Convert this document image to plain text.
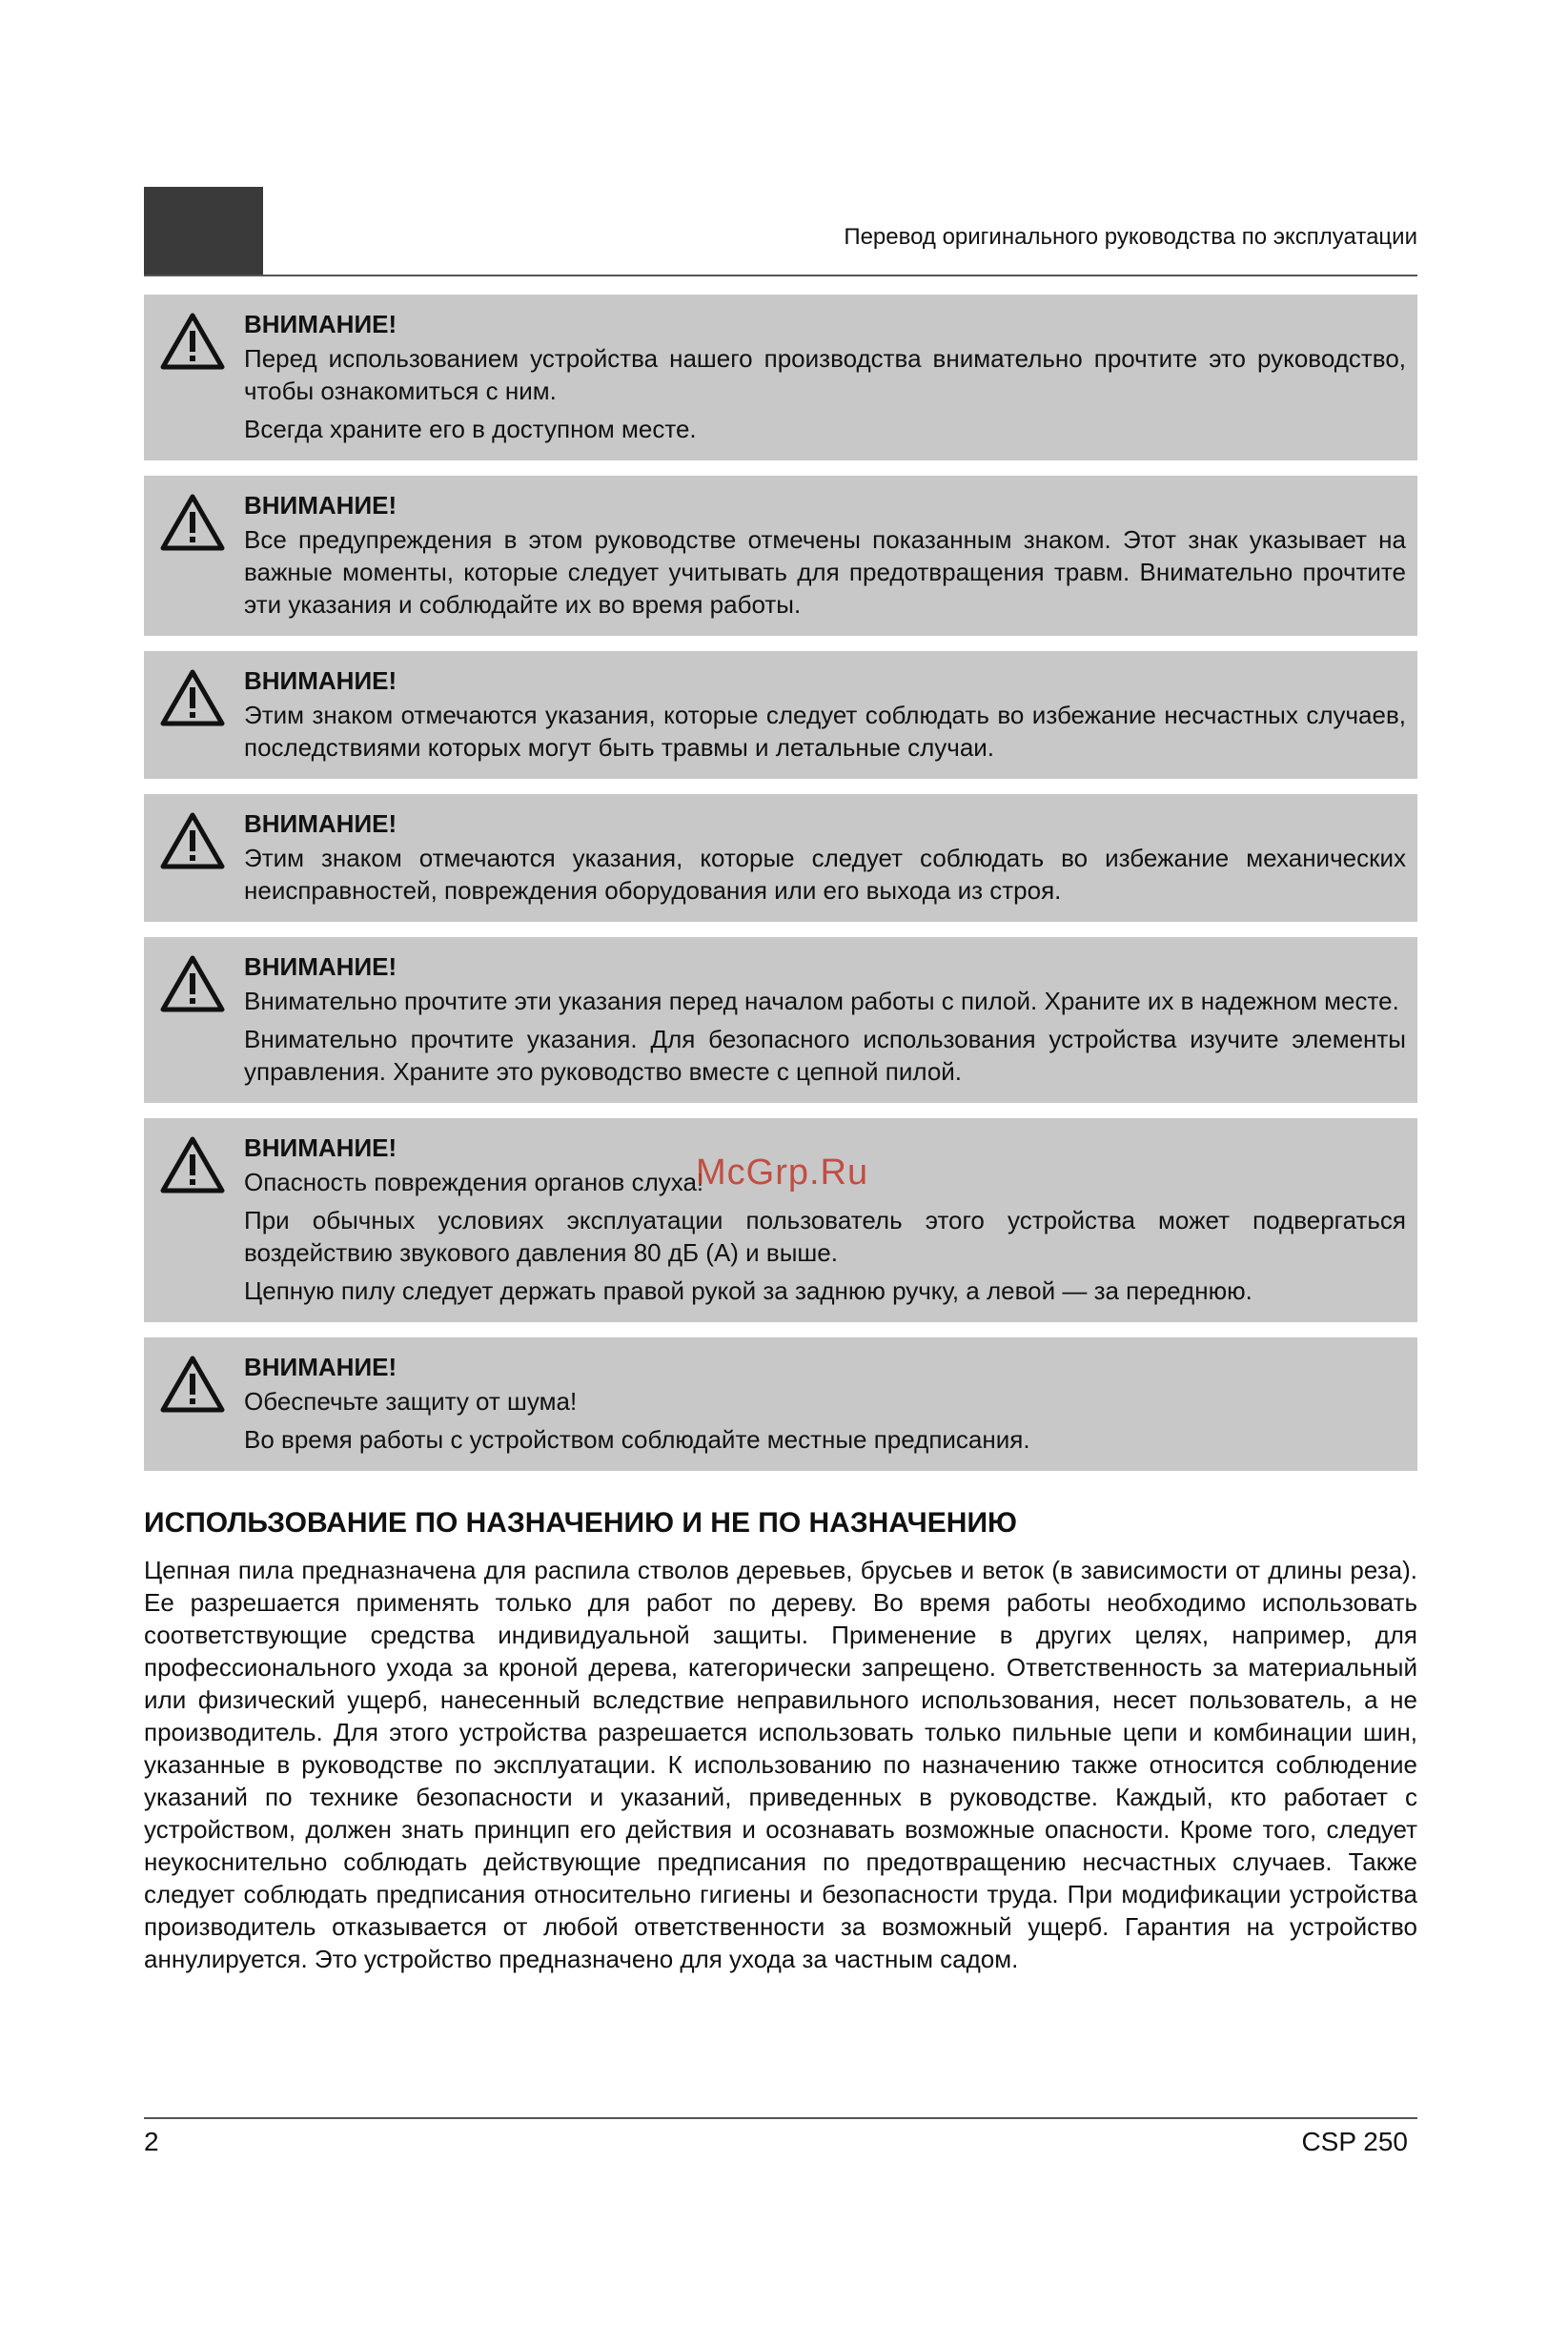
Перевод оригинального руководства по эксплуатации
ВНИМАНИЕ!

Перед использованием устройства нашего производства внимательно прочтите это руководство, чтобы ознакомиться с ним.

Всегда храните его в доступном месте.

ВНИМАНИЕ!

Все предупреждения в этом руководстве отмечены показанным знаком. Этот знак указывает на важные моменты, которые следует учитывать для предотвращения травм. Внимательно прочтите эти указания и соблюдайте их во время работы.

ВНИМАНИЕ!

Этим знаком отмечаются указания, которые следует соблюдать во избежание несчастных случаев, последствиями которых могут быть травмы и летальные случаи.

ВНИМАНИЕ!

Этим знаком отмечаются указания, которые следует соблюдать во избежание механических неисправностей, повреждения оборудования или его выхода из строя.

ВНИМАНИЕ!

Внимательно прочтите эти указания перед началом работы с пилой. Храните их в надежном месте.

Внимательно прочтите указания. Для безопасного использования устройства изучите элементы управления. Храните это руководство вместе с цепной пилой.

ВНИМАНИЕ!

Опасность повреждения органов слуха!

При обычных условиях эксплуатации пользователь этого устройства может подвергаться воздействию звукового давления 80 дБ (А) и выше.

Цепную пилу следует держать правой рукой за заднюю ручку, а левой — за переднюю.

ВНИМАНИЕ!

Обеспечьте защиту от шума!

Во время работы с устройством соблюдайте местные предписания.

McGrp.Ru
ИСПОЛЬЗОВАНИЕ ПО НАЗНАЧЕНИЮ И НЕ ПО НАЗНАЧЕНИЮ

Цепная пила предназначена для распила стволов деревьев, брусьев и веток (в зависимости от длины реза). Ее разрешается применять только для работ по дереву. Во время работы необходимо использовать соответствующие средства индивидуальной защиты. Применение в других целях, например, для профессионального ухода за кроной дерева, категорически запрещено. Ответственность за материальный или физический ущерб, нанесенный вследствие неправильного использования, несет пользователь, а не производитель. Для этого устройства разрешается использовать только пильные цепи и комбинации шин, указанные в руководстве по эксплуатации. К использованию по назначению также относится соблюдение указаний по технике безопасности и указаний, приведенных в руководстве. Каждый, кто работает с устройством, должен знать принцип его действия и осознавать возможные опасности. Кроме того, следует неукоснительно соблюдать действующие предписания по предотвращению несчастных случаев. Также следует соблюдать предписания относительно гигиены и безопасности труда. При модификации устройства производитель отказывается от любой ответственности за возможный ущерб. Гарантия на устройство аннулируется. Это устройство предназначено для ухода за частным садом.

2	CSP 250
